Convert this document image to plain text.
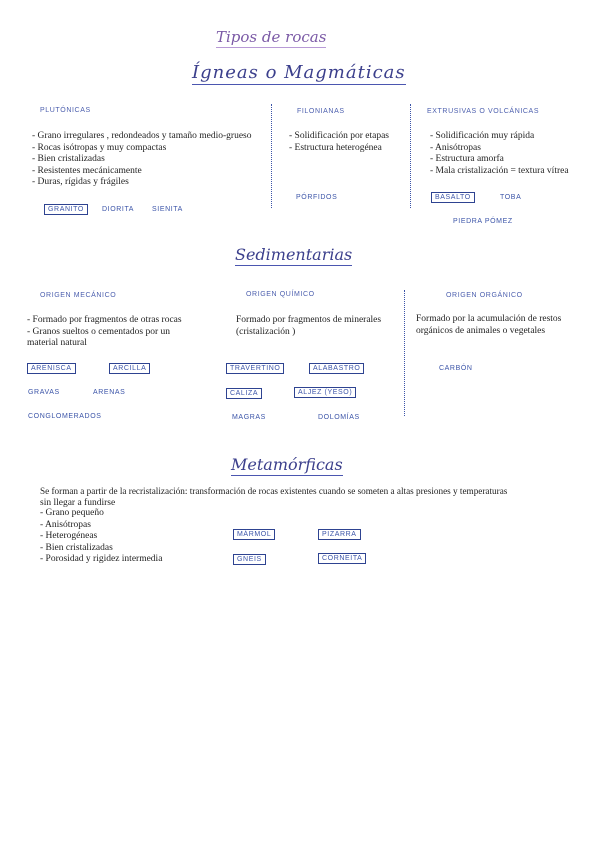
Tipos de rocas
Ígneas o Magmáticas
PLUTÓNICAS
- Grano irregulares , redondeados y tamaño medio-grueso
- Rocas isótropas y muy compactas
- Bien cristalizadas
- Resistentes mecánicamente
- Duras, rígidas y frágiles
GRANITO	DIORITA	SIENITA
FILONIANAS
- Solidificación por etapas
- Estructura heterogénea
PÓRFIDOS
EXTRUSIVAS O VOLCÁNICAS
- Solidificación muy rápida
- Anisótropas
- Estructura amorfa
- Mala cristalización = textura vítrea
BASALTO	TOBA
PIEDRA PÓMEZ
Sedimentarias
ORIGEN MECÁNICO
- Formado por fragmentos de otras rocas
- Granos sueltos o cementados por un
material natural
ARENISCA	ARCILLA
GRAVAS	ARENAS
CONGLOMERADOS
ORIGEN QUÍMICO
Formado por fragmentos de minerales
(cristalización )
TRAVERTINO	ALABASTRO
CALIZA	ALJEZ (YESO)
MAGRAS	DOLOMÍAS
ORIGEN ORGÁNICO
Formado por la acumulación de restos
orgánicos de animales o vegetales
CARBÓN
Metamórficas
Se forman a partir de la recristalización: transformación de rocas existentes cuando se someten a altas presiones y temperaturas
sin llegar a fundirse
- Grano pequeño
- Anisótropas
- Heterogéneas
- Bien cristalizadas
- Porosidad y rigidez intermedia
MÁRMOL	PIZARRA
GNEIS	CORNEITA
